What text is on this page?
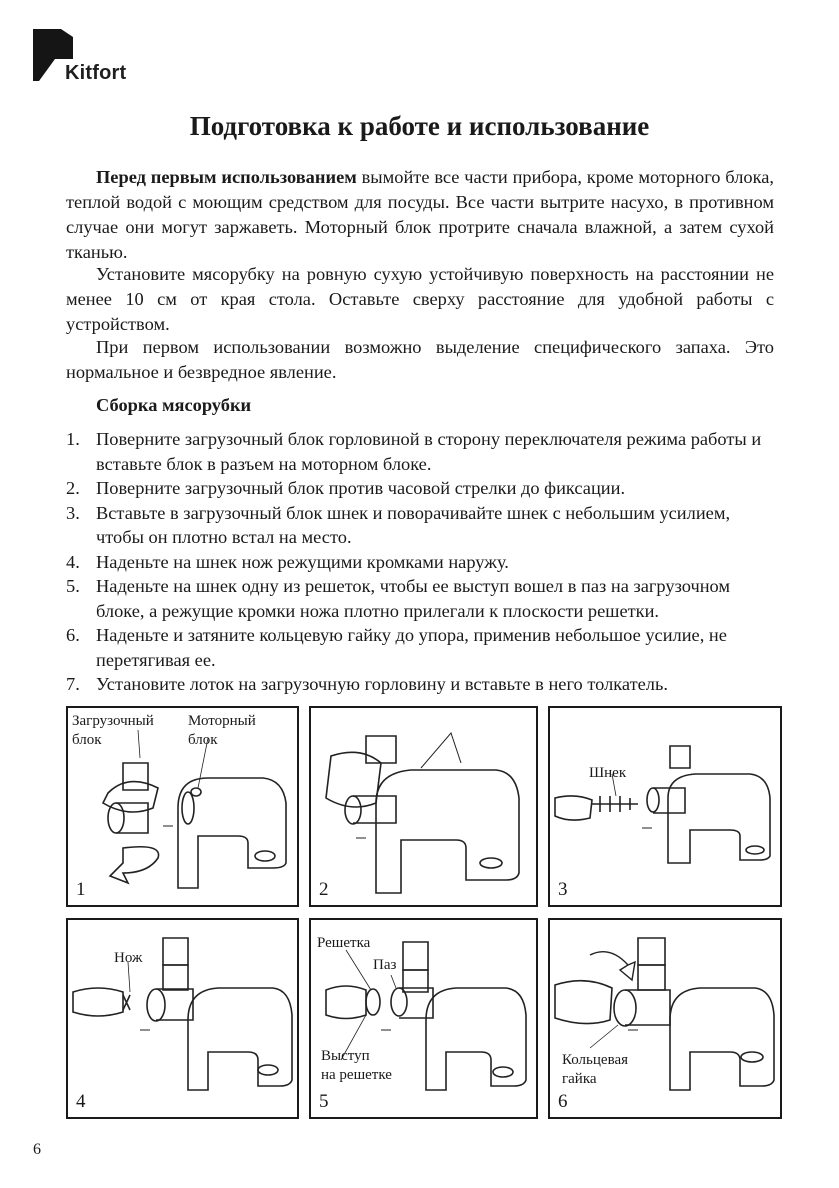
Kitfort
Подготовка к работе и использование

Перед первым использованием вымойте все части прибора, кроме моторного блока, теплой водой с моющим средством для посуды. Все части вытрите насухо, в противном случае они могут заржаветь. Моторный блок протрите сначала влажной, а затем сухой тканью.

Установите мясорубку на ровную сухую устойчивую поверхность на расстоянии не менее 10 см от края стола. Оставьте сверху расстояние для удобной работы с устройством.

При первом использовании возможно выделение специфического запаха. Это нормальное и безвредное явление.

Сборка мясорубки
1. Поверните загрузочный блок горловиной в сторону переключателя режима работы и вставьте блок в разъем на моторном блоке.
2. Поверните загрузочный блок против часовой стрелки до фиксации.
3. Вставьте в загрузочный блок шнек и поворачивайте шнек с небольшим усилием, чтобы он плотно встал на место.
4. Наденьте на шнек нож режущими кромками наружу.
5. Наденьте на шнек одну из решеток, чтобы ее выступ вошел в паз на загрузочном блоке, а режущие кромки ножа плотно прилегали к плоскости решетки.
6. Наденьте и затяните кольцевую гайку до упора, применив небольшое усилие, не перетягивая ее.
7. Установите лоток на загрузочную горловину и вставьте в него толкатель.
Загрузочный
блок
Моторный
блок
1	2
Шнек
3
Нож
4
Решетка
Паз
Выступ
на решетке
5
Кольцевая
гайка
6
6
